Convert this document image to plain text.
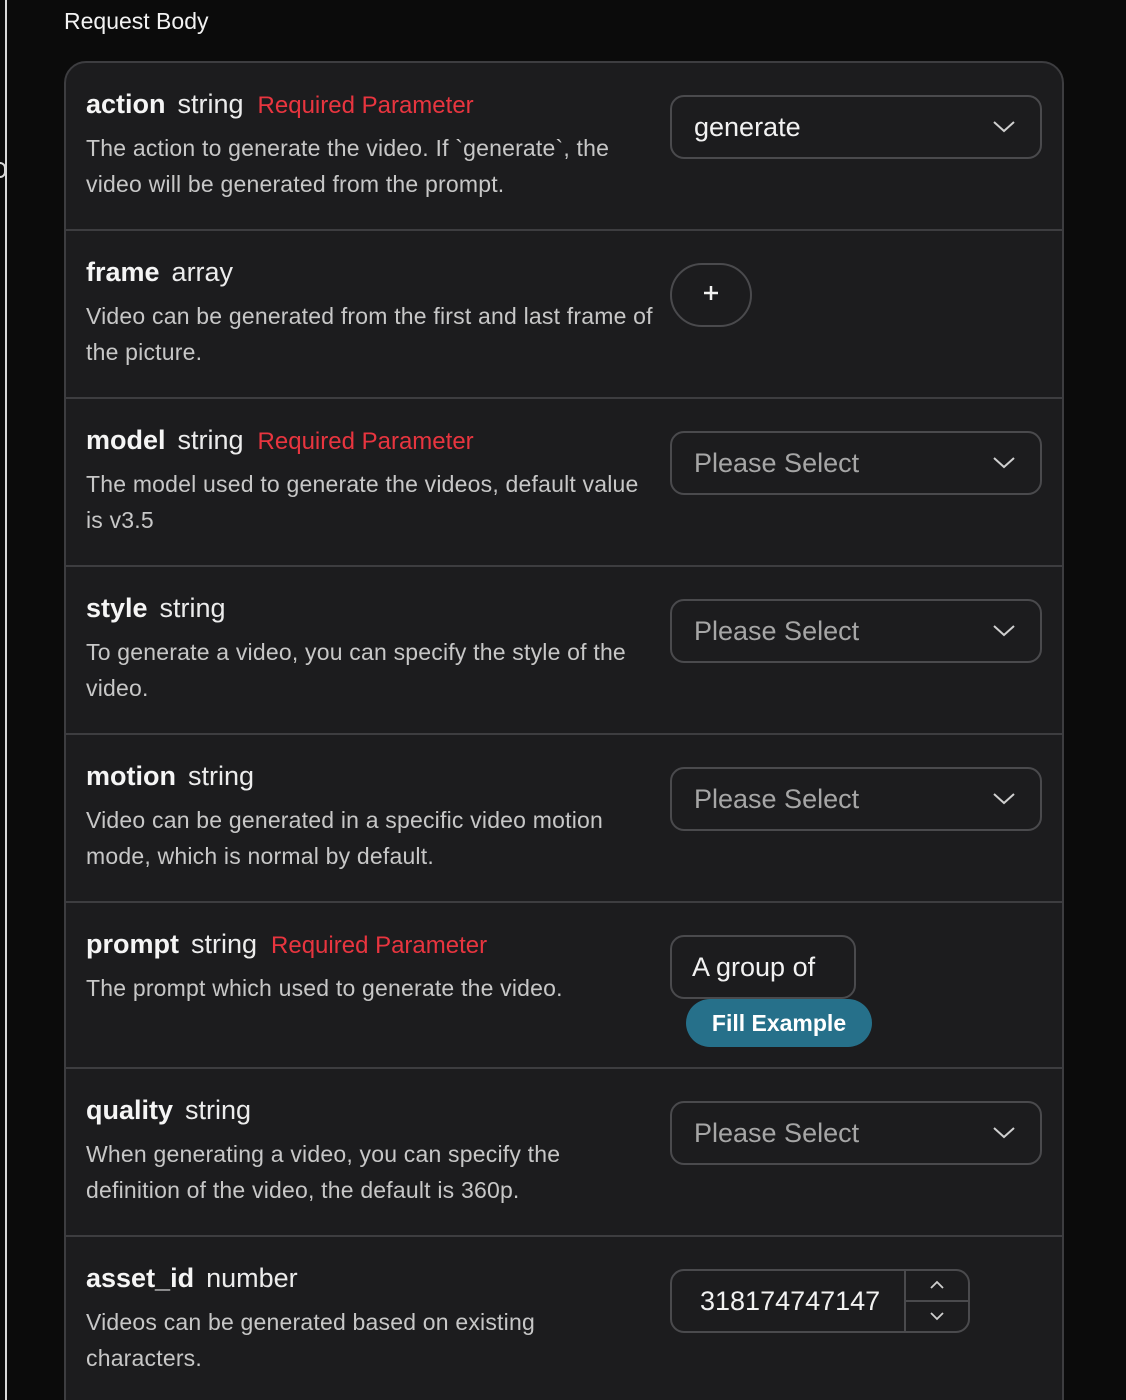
Request Body
action string Required Parameter
The action to generate the video. If `generate`, the video will be generated from the prompt.
generate
frame array
Video can be generated from the first and last frame of the picture.
model string Required Parameter
The model used to generate the videos, default value is v3.5
Please Select
style string
To generate a video, you can specify the style of the video.
Please Select
motion string
Video can be generated in a specific video motion mode, which is normal by default.
Please Select
prompt string Required Parameter
The prompt which used to generate the video.
A group of
Fill Example
quality string
When generating a video, you can specify the definition of the video, the default is 360p.
Please Select
asset_id number
Videos can be generated based on existing characters.
318174747147
